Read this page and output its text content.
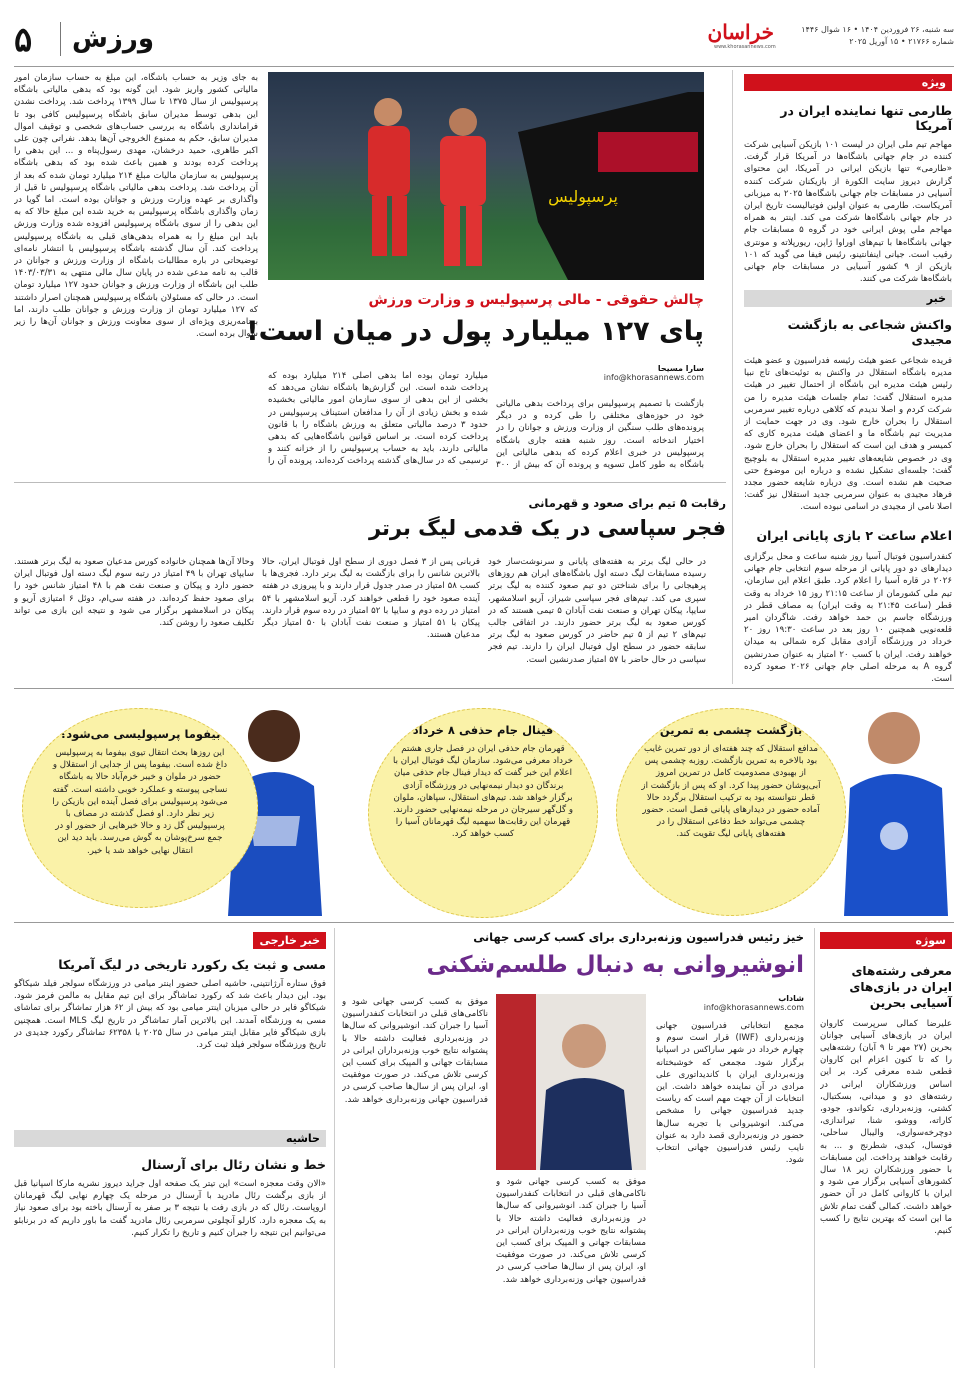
۵ ورزش	خراسان
www.khorasannews.com
سه شنبه، ۲۶ فروردین ۱۴۰۴ • ۱۶ شوال ۱۴۴۶
شماره ۲۱۷۶۶ • ۱۵ آوریل ۲۰۲۵
ویژه
طارمی تنها نماینده ایران در آمریکا
مهاجم تیم ملی ایران در لیست ۱۰۱ بازیکن آسیایی شرکت کننده در جام جهانی باشگاه‌ها در آمریکا قرار گرفت. «طارمی» تنها بازیکن ایرانی در آمریکا، این محتوای گزارش دیروز سایت الکورة از بازیکنان شرکت کننده آسیایی در مسابقات جام جهانی باشگاه‌ها ۲۰۲۵ به میزبانی آمریکاست. طارمی به عنوان اولین فوتبالیست تاریخ ایران در جام جهانی باشگاه‌ها شرکت می کند. اینتر به همراه مهاجم ملی پوش ایرانی خود در گروه ۵ مسابقات جام جهانی باشگاه‌ها با تیم‌های اوراوا ژاپن، ریورپلاته و مونتری رقیب است. جیانی اینفانتینو، رئیس فیفا می گوید که ۱۰۱ بازیکن از ۹ کشور آسیایی در مسابقات جام جهانی باشگاه‌ها شرکت می کنند.
خبر
واکنش شجاعی به بازگشت مجیدی
فریده شجاعی عضو هیئت رئیسه فدراسیون و عضو هیئت مدیره باشگاه استقلال در واکنش به توئیت‌های تاج نبیا رئیس هیئت مدیره این باشگاه از احتمال تغییر در هیئت مدیره استقلال گفت: تمام جلسات هیئت مدیره را من شرکت کردم و اصلا ندیدم که کلاهی درباره تغییر سرمربی استقلال را بحران خارج شود. وی در جهت حمایت از مدیریت تیم باشگاه ما و اعضای هیئت مدیره کاری که کمیسر و هدف این است که استقلال را بحران خارج شود. وی در خصوص شایعه‌های تغییر مدیره استقلال به بلوچیج گفت: جلسه‌ای تشکیل نشده و درباره این موضوع حتی صحبت هم نشده است. وی درباره شایعه حضور مجدد فرهاد مجیدی به عنوان سرمربی جدید استقلال نیز گفت: اصلا نامی از مجیدی در اسامی نبوده است.
اعلام ساعت ۲ بازی پایانی ایران
کنفدراسیون فوتبال آسیا روز شنبه ساعت و محل برگزاری دیدارهای دو دور پایانی از مرحله سوم انتخابی جام جهانی ۲۰۲۶ در قاره آسیا را اعلام کرد. طبق اعلام این سازمان، تیم ملی کشورمان از ساعت ۲۱:۱۵ روز ۱۵ خرداد به وقت قطر (ساعت ۲۱:۴۵ به وقت ایران) به مصاف قطر در ورزشگاه جاسم بن حمد خواهد رفت. شاگردان امیر قلعه‌نویی همچنین ۱۰ روز بعد در ساعت ۱۹:۳۰ روز ۲۰ خرداد در ورزشگاه آزادی مقابل کره شمالی به میدان خواهند رفت. ایران با کسب ۲۰ امتیاز به عنوان صدرنشین گروه A به مرحله اصلی جام جهانی ۲۰۲۶ صعود کرده است.
به جای وزیر به حساب باشگاه، این مبلغ به حساب سازمان امور مالیاتی کشور واریز شود. این گونه بود که بدهی مالیاتی باشگاه پرسپولیس از سال ۱۳۷۵ تا سال ۱۳۹۹ پرداخت شد. پرداخت نشدن این بدهی توسط مدیران سابق باشگاه پرسپولیس کافی بود تا فرامانداری باشگاه به بررسی حساب‌های شخصی و توقیف اموال مدیران سابق، حکم به ممنوع الخروجی آن‌ها بدهد. نفراتی چون علی اکبر طاهری، حمید درخشان، مهدی رسول‌پناه و ... این بدهی را پرداخت کرده بودند و همین باعث شده بود که بدهی باشگاه پرسپولیس به سازمان مالیات مبلغ ۲۱۴ میلیارد تومان شده که بعد از آن پرداخت شد. پرداخت بدهی مالیاتی باشگاه پرسپولیس تا قبل از واگذاری بر عهده وزارت ورزش و جوانان بوده است. اما گویا در زمان واگذاری باشگاه پرسپولیس به خرید شده این مبلغ حالا که به این بدهی را از سوی باشگاه پرسپولیس افزوده شده وزارت ورزش باید این مبلغ را به همراه بدهی‌های قبلی به باشگاه پرسپولیس پرداخت کند. آن سال گذشته باشگاه پرسپولیس با انتشار نامه‌ای توضیحاتی در باره مطالبات باشگاه از وزارت ورزش و جوانان در قالب به نامه مدعی شده در پایان سال مالی منتهی به ۱۴۰۳/۰۳/۳۱ طلب این باشگاه از وزارت ورزش و جوانان حدود ۱۲۷ میلیارد تومان است. در حالی که مسئولان باشگاه پرسپولیس همچنان اصرار داشتند که ۱۲۷ میلیارد تومان از وزارت ورزش و جوانان طلب دارند، اما برنامه‌ریزی ویژه‌ای از سوی معاونت ورزش و جوانان آن‌ها را زیر سوال برده است.
پرسپولیس
چالش حقوقی - مالی پرسپولیس و وزارت ورزش
پای ۱۲۷ میلیارد پول در میان است!
سارا مسیحا
info@khorasannews.com
بازگشت با تصمیم پرسپولیس برای پرداخت بدهی مالیاتی خود در حوزه‌های مختلفی را طی کرده و در دیگر پرونده‌های طلب سنگین از وزارت ورزش و جوانان را در اختیار اندخاته است. روز شنبه هفته جاری باشگاه پرسپولیس در خبری اعلام کرده که بدهی مالیاتی این باشگاه به طور کامل تسویه و پرونده آن که بیش از ۳۰۰
میلیارد تومان بوده اما بدهی اصلی ۲۱۴ میلیارد بوده که پرداخت شده است. این گزارش‌ها باشگاه نشان می‌دهد که بخشی از این بدهی از سوی سازمان امور مالیاتی بخشیده شده و بخش زیادی از آن را مدافعان استیناف پرسپولیس در حدود ۳ درصد مالیاتی متعلق به ورزش باشگاه را با قانون پرداخت کرده است. بر اساس قوانین باشگاه‌هایی که بدهی مالیاتی دارند، باید به حساب پرسپولیس را از خزانه کنند و ترسیمی که در سال‌های گذشته پرداخت کرده‌اند، پرونده آن را
رقابت ۵ تیم برای صعود و قهرمانی
فجر سپاسی در یک قدمی لیگ برتر
در حالی لیگ برتر به هفته‌های پایانی و سرنوشت‌ساز خود رسیده مسابقات لیگ دسته اول باشگاه‌های ایران هم روزهای پرهیجانی را برای شناختن دو تیم صعود کننده به لیگ برتر سپری می کند. تیم‌های فجر سپاسی شیراز، آریو اسلامشهر، سایپا، پیکان تهران و صنعت نفت آبادان ۵ تیمی هستند که در کورس صعود به لیگ برتر حضور دارند. در اتفاقی جالب تیم‌های ۲ تیم از ۵ تیم حاضر در کورس صعود به لیگ برتر سابقه حضور در سطح اول فوتبال ایران را دارند. تیم فجر سپاسی در حال حاضر با ۵۷ امتیاز صدرنشین است.
قربانی پس از ۳ فصل دوری از سطح اول فوتبال ایران، حالا بالاترین شانس را برای بازگشت به لیگ برتر دارد. فجری‌ها با کسب ۵۸ امتیاز در صدر جدول قرار دارند و با پیروزی در هفته آینده صعود خود را قطعی خواهند کرد. آریو اسلامشهر با ۵۴ امتیاز در رده دوم و سایپا با ۵۲ امتیاز در رده سوم قرار دارند. پیکان با ۵۱ امتیاز و صنعت نفت آبادان با ۵۰ امتیاز دیگر مدعیان هستند.
وحالا آن‌ها همچنان خانواده کورس مدعیان صعود به لیگ برتر هستند. سایپای تهران با ۴۹ امتیاز در رتبه سوم لیگ دسته اول فوتبال ایران حضور دارد و پیکان و صنعت نفت هم با ۴۸ امتیاز شانس خود را برای صعود حفظ کرده‌اند. در هفته سی‌ام، دوئل ۶ امتیازی آریو و پیکان در اسلامشهر برگزار می شود و نتیجه این بازی می تواند تکلیف صعود را روشن کند.
بیفوما پرسپولیسی می‌شود؟
این روزها بحث انتقال تیوی بیفوما به پرسپولیس داغ شده است. بیفوما پس از جدایی از استقلال و حضور در ملوان و خیبر خرم‌آباد حالا به باشگاه نساجی پیوسته و عملکرد خوبی داشته است. گفته می‌شود پرسپولیس برای فصل آینده این بازیکن را زیر نظر دارد. او فصل گذشته در مصاف با پرسپولیس گل زد و حالا خبرهایی از حضور او در جمع سرخ‌پوشان به گوش می‌رسد. باید دید این انتقال نهایی خواهد شد یا خیر.
فینال جام حذفی ۸ خرداد
قهرمان جام حذفی ایران در فصل جاری هشتم خرداد معرفی می‌شود. سازمان لیگ فوتبال ایران با اعلام این خبر گفت که دیدار فینال جام حذفی میان برندگان دو دیدار نیمه‌نهایی در ورزشگاه آزادی برگزار خواهد شد. تیم‌های استقلال، سپاهان، ملوان و گل‌گهر سیرجان در مرحله نیمه‌نهایی حضور دارند. قهرمان این رقابت‌ها سهمیه لیگ قهرمانان آسیا را کسب خواهد کرد.
بازگشت چشمی به تمرین
مدافع استقلال که چند هفته‌ای از دور تمرین غایب بود بالاخره به تمرین بازگشت. روزبه چشمی پس از بهبودی مصدومیت کامل در تمرین امروز آبی‌پوشان حضور پیدا کرد. او که پس از بازگشت از قطر نتوانسته بود به ترکیب استقلال برگردد حالا آماده حضور در دیدارهای پایانی فصل است. حضور چشمی می‌تواند خط دفاعی استقلال را در هفته‌های پایانی لیگ تقویت کند.
سوژه
معرفی رشته‌های ایران در بازی‌های آسیایی بحرین
علیرضا کمالی سرپرست کاروان ایران در بازی‌های آسیایی جوانان بحرین (۲۷ مهر تا ۹ آبان) رشته‌هایی را که تا کنون اعزام این کاروان قطعی شده معرفی کرد. بر این اساس ورزشکاران ایرانی در رشته‌های دو و میدانی، بسکتبال، کشتی، وزنه‌برداری، تکواندو، جودو، کاراته، ووشو، شنا، تیراندازی، دوچرخه‌سواری، والیبال ساحلی، فوتسال، کبدی، شطرنج و ... به رقابت خواهند پرداخت. این مسابقات با حضور ورزشکاران زیر ۱۸ سال کشورهای آسیایی برگزار می شود و ایران با کاروانی کامل در آن حضور خواهد داشت. کمالی گفت تمام تلاش ما این است که بهترین نتایج را کسب کنیم.
خیز رئیس فدراسیون وزنه‌برداری برای کسب کرسی جهانی
انوشیروانی به دنبال طلسم‌شکنی
شاداب
info@khorasannews.com
مجمع انتخاباتی فدراسیون جهانی وزنه‌برداری (IWF) قرار است سوم و چهارم خرداد در شهر ساراکس در اسپانیا برگزار شود. مجمعی که خوشبختانه وزنه‌برداری ایران با کاندیداتوری علی مرادی در آن نماینده خواهد داشت. این انتخابات از آن جهت مهم است که ریاست جدید فدراسیون جهانی را مشخص می‌کند. انوشیروانی با تجربه سال‌ها حضور در وزنه‌برداری قصد دارد به عنوان نایب رئیس فدراسیون جهانی انتخاب شود.
موفق به کسب کرسی جهانی شود و ناکامی‌های قبلی در انتخابات کنفدراسیون آسیا را جبران کند. انوشیروانی که سال‌ها در وزنه‌برداری فعالیت داشته حالا با پشتوانه نتایج خوب وزنه‌برداران ایرانی در مسابقات جهانی و المپیک برای کسب این کرسی تلاش می‌کند. در صورت موفقیت او، ایران پس از سال‌ها صاحب کرسی در فدراسیون جهانی وزنه‌برداری خواهد شد.
موفق به کسب کرسی جهانی شود و ناکامی‌های قبلی در انتخابات کنفدراسیون آسیا را جبران کند. انوشیروانی که سال‌ها در وزنه‌برداری فعالیت داشته حالا با پشتوانه نتایج خوب وزنه‌برداران ایرانی در مسابقات جهانی و المپیک برای کسب این کرسی تلاش می‌کند. در صورت موفقیت او، ایران پس از سال‌ها صاحب کرسی در فدراسیون جهانی وزنه‌برداری خواهد شد.
خبر خارجی
مسی و ثبت یک رکورد تاریخی در لیگ آمریکا
فوق ستاره آرژانتینی، حاشیه اصلی حضور اینتر میامی در ورزشگاه سولجر فیلد شیکاگو بود. این دیدار باعث شد که رکورد تماشاگر برای این تیم مقابل به مالمن فرمز شود. شیکاگو فایر در حالی میزبان اینتر میامی بود که بیش از ۶۲ هزار تماشاگر برای تماشای مسی به ورزشگاه آمدند. این بالاترین آمار تماشاگر در تاریخ لیگ MLS است. همچنین بازی شیکاگو فایر مقابل اینتر میامی در سال ۲۰۲۵ با ۶۲۳۵۸ تماشاگر رکورد جدیدی در تاریخ ورزشگاه سولجر فیلد ثبت کرد.
حاشیه
خط و نشان رئال برای آرسنال
«الان وقت معجزه است» این تیتر یک صفحه اول جراید دیروز نشریه مارکا اسپانیا قبل از بازی برگشت رئال مادرید با آرسنال در مرحله یک چهارم نهایی لیگ قهرمانان اروپاست. رئال که در بازی رفت با نتیجه ۳ بر صفر به آرسنال باخته بود برای صعود نیاز به یک معجزه دارد. کارلو آنچلوتی سرمربی رئال مادرید گفت ما باور داریم که در برنابئو می‌توانیم این نتیجه را جبران کنیم و تاریخ را تکرار کنیم.
